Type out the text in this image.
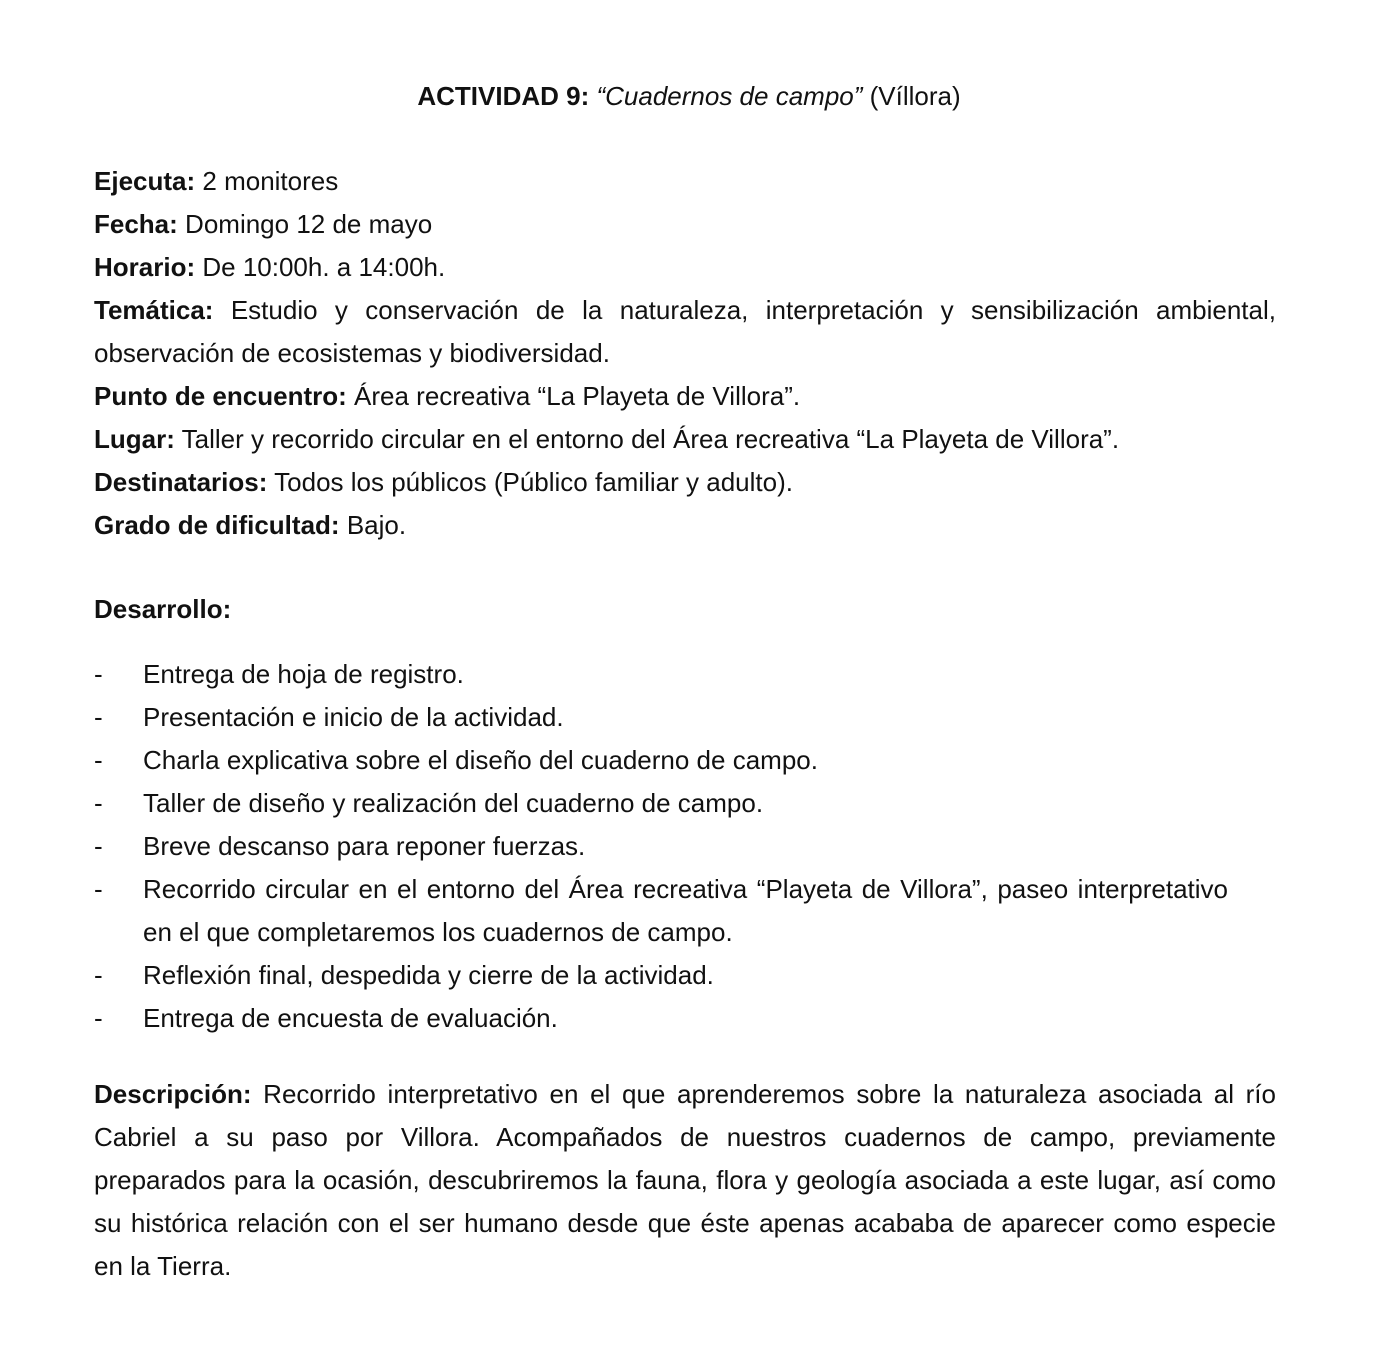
ACTIVIDAD 9: “Cuadernos de campo” (Víllora)
Ejecuta: 2 monitores
Fecha: Domingo 12 de mayo
Horario: De 10:00h. a 14:00h.
Temática: Estudio y conservación de la naturaleza, interpretación y sensibilización ambiental, observación de ecosistemas y biodiversidad.
Punto de encuentro: Área recreativa “La Playeta de Villora”.
Lugar: Taller y recorrido circular en el entorno del Área recreativa “La Playeta de Villora”.
Destinatarios: Todos los públicos (Público familiar y adulto).
Grado de dificultad: Bajo.
Desarrollo:
- Entrega de hoja de registro.
- Presentación e inicio de la actividad.
- Charla explicativa sobre el diseño del cuaderno de campo.
- Taller de diseño y realización del cuaderno de campo.
- Breve descanso para reponer fuerzas.
- Recorrido circular en el entorno del Área recreativa “Playeta de Villora”, paseo interpretativo en el que completaremos los cuadernos de campo.
- Reflexión final, despedida y cierre de la actividad.
- Entrega de encuesta de evaluación.
Descripción: Recorrido interpretativo en el que aprenderemos sobre la naturaleza asociada al río Cabriel a su paso por Villora. Acompañados de nuestros cuadernos de campo, previamente preparados para la ocasión, descubriremos la fauna, flora y geología asociada a este lugar, así como su histórica relación con el ser humano desde que éste apenas acababa de aparecer como especie en la Tierra.
